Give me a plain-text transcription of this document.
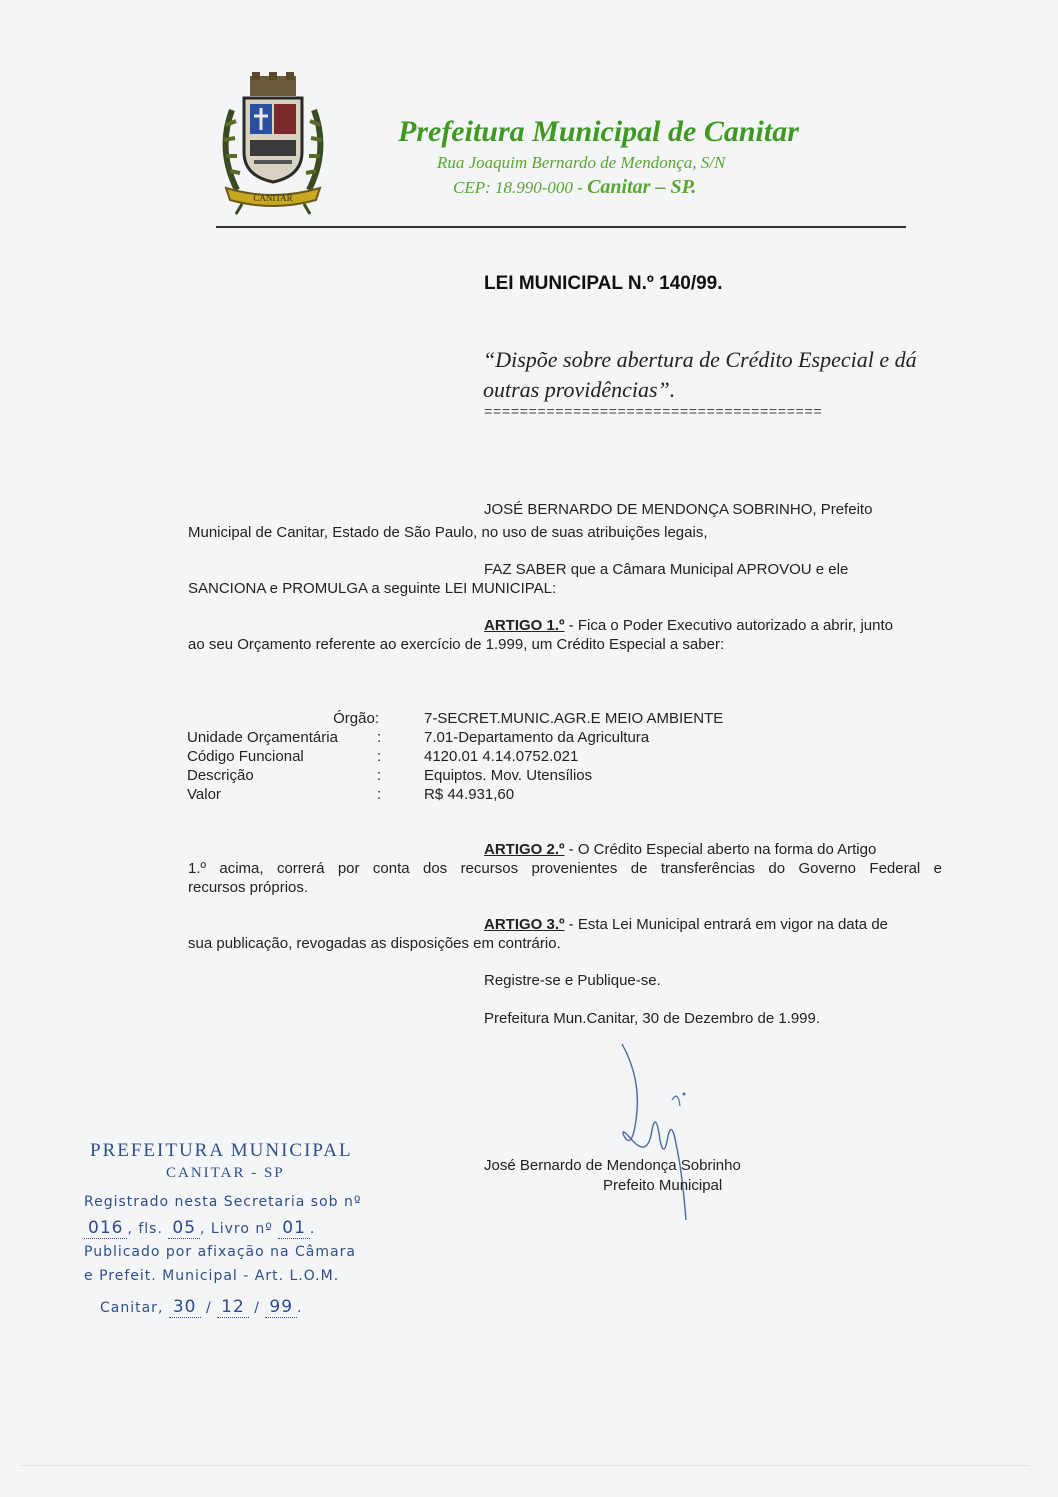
CANITAR
Prefeitura Municipal de Canitar
Rua Joaquim Bernardo de Mendonça, S/N
CEP: 18.990-000 - Canitar – SP.
LEI MUNICIPAL N.º 140/99.
“Dispõe sobre abertura de Crédito Especial e dá outras providências”.
======================================
JOSÉ BERNARDO DE MENDONÇA SOBRINHO, Prefeito
Municipal de Canitar, Estado de São Paulo, no uso de suas atribuições legais,
FAZ SABER que a Câmara Municipal APROVOU e ele
SANCIONA e PROMULGA a seguinte LEI MUNICIPAL:
ARTIGO 1.º - Fica o Poder Executivo autorizado a abrir, junto
ao seu Orçamento referente ao exercício de 1.999, um Crédito Especial a saber:
Órgão:	7-SECRET.MUNIC.AGR.E MEIO AMBIENTE
Unidade Orçamentária	:	7.01-Departamento da Agricultura
Código Funcional	:	4120.01 4.14.0752.021
Descrição	:	Equiptos. Mov. Utensílios
Valor	:	R$ 44.931,60
ARTIGO 2.º - O Crédito Especial aberto na forma do Artigo
1.º acima, correrá por conta dos recursos provenientes de transferências do Governo Federal e
recursos próprios.
ARTIGO 3.º - Esta Lei Municipal entrará em vigor na data de
sua publicação, revogadas as disposições em contrário.
Registre-se e Publique-se.
Prefeitura Mun.Canitar, 30 de Dezembro de 1.999.
José Bernardo de Mendonça Sobrinho
Prefeito Municipal
PREFEITURA MUNICIPAL
CANITAR - SP
Registrado nesta Secretaria sob nº
016 , fls. 05 , Livro nº 01 .
Publicado por afixação na Câmara
e Prefeit. Municipal - Art. L.O.M.
Canitar, 30 / 12 / 99 .
